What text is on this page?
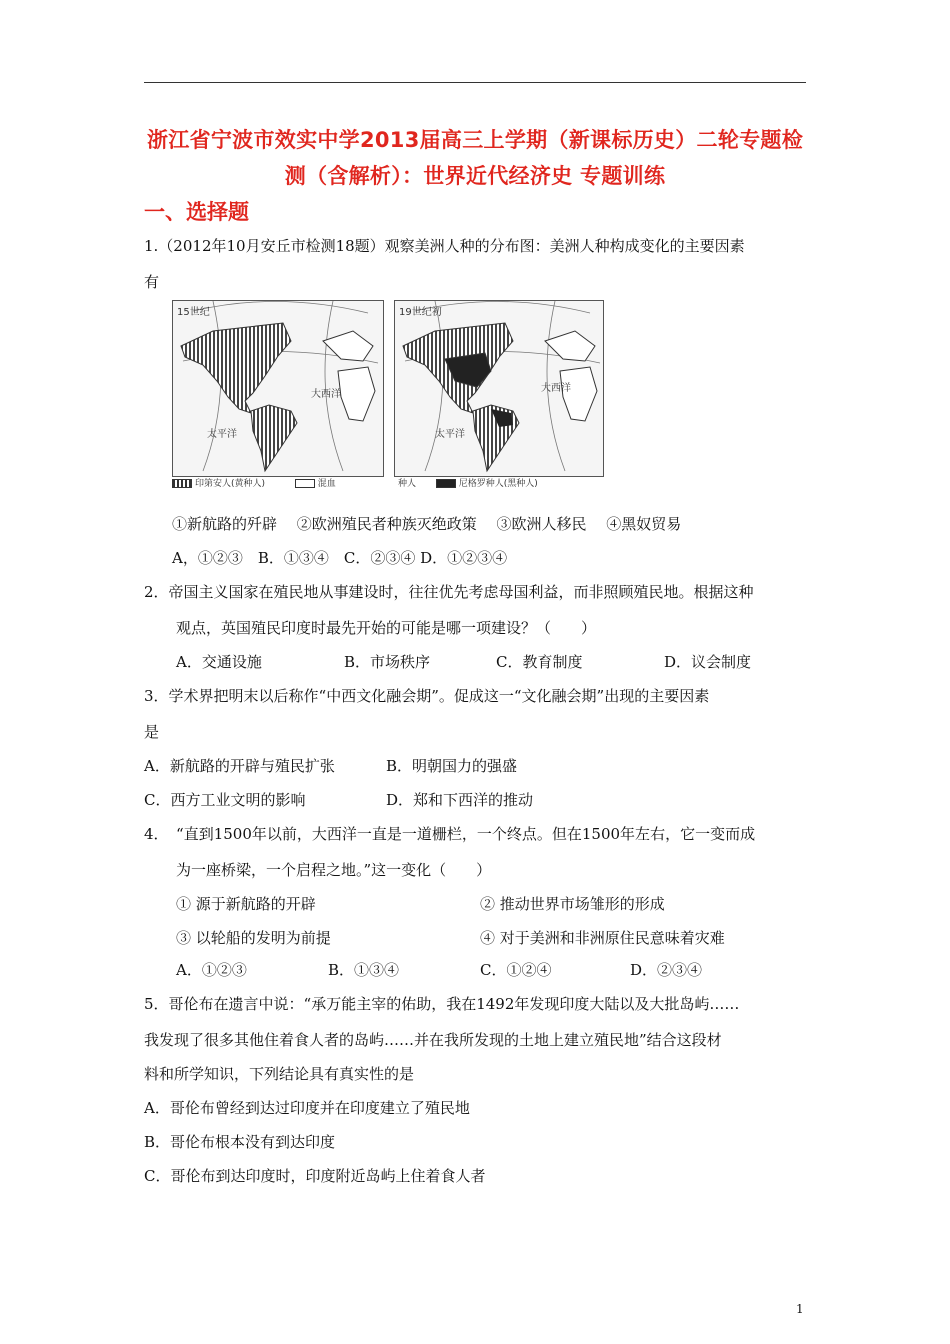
浙江省宁波市效实中学2013届高三上学期（新课标历史）二轮专题检
测（含解析）：世界近代经济史 专题训练
一、选择题
1.（2012年10月安丘市检测18题）观察美洲人种的分布图：美洲人种构成变化的主要因素
有
15世纪
大西洋
太平洋
印第安人(黄种人)	混血
19世纪初
大西洋
太平洋
种人	尼格罗种人(黑种人)
①新航路的歼辟　 ②欧洲殖民者种族灭绝政策　 ③欧洲人移民　 ④黑奴贸易
A，①②③　B．①③④　C．②③④ D．①②③④
2．帝国主义国家在殖民地从事建设时，往往优先考虑母国利益，而非照顾殖民地。根据这种
观点，英国殖民印度时最先开始的可能是哪一项建设？（　　）
A．交通设施	B．市场秩序	C．教育制度	D．议会制度
3．学术界把明末以后称作“中西文化融会期”。促成这一“文化融会期”出现的主要因素
是
A．新航路的开辟与殖民扩张	B．明朝国力的强盛
C．西方工业文明的影响	D．郑和下西洋的推动
4．　“直到1500年以前，大西洋一直是一道栅栏，一个终点。但在1500年左右，它一变而成
为一座桥梁，一个启程之地。”这一变化（　　）
① 源于新航路的开辟	② 推动世界市场雏形的形成
③ 以轮船的发明为前提	④ 对于美洲和非洲原住民意味着灾难
A．①②③	B．①③④	C．①②④	D．②③④
5．哥伦布在遗言中说：“承万能主宰的佑助，我在1492年发现印度大陆以及大批岛屿……
我发现了很多其他住着食人者的岛屿……并在我所发现的土地上建立殖民地”结合这段材
料和所学知识，下列结论具有真实性的是
A．哥伦布曾经到达过印度并在印度建立了殖民地
B．哥伦布根本没有到达印度
C．哥伦布到达印度时，印度附近岛屿上住着食人者
1
